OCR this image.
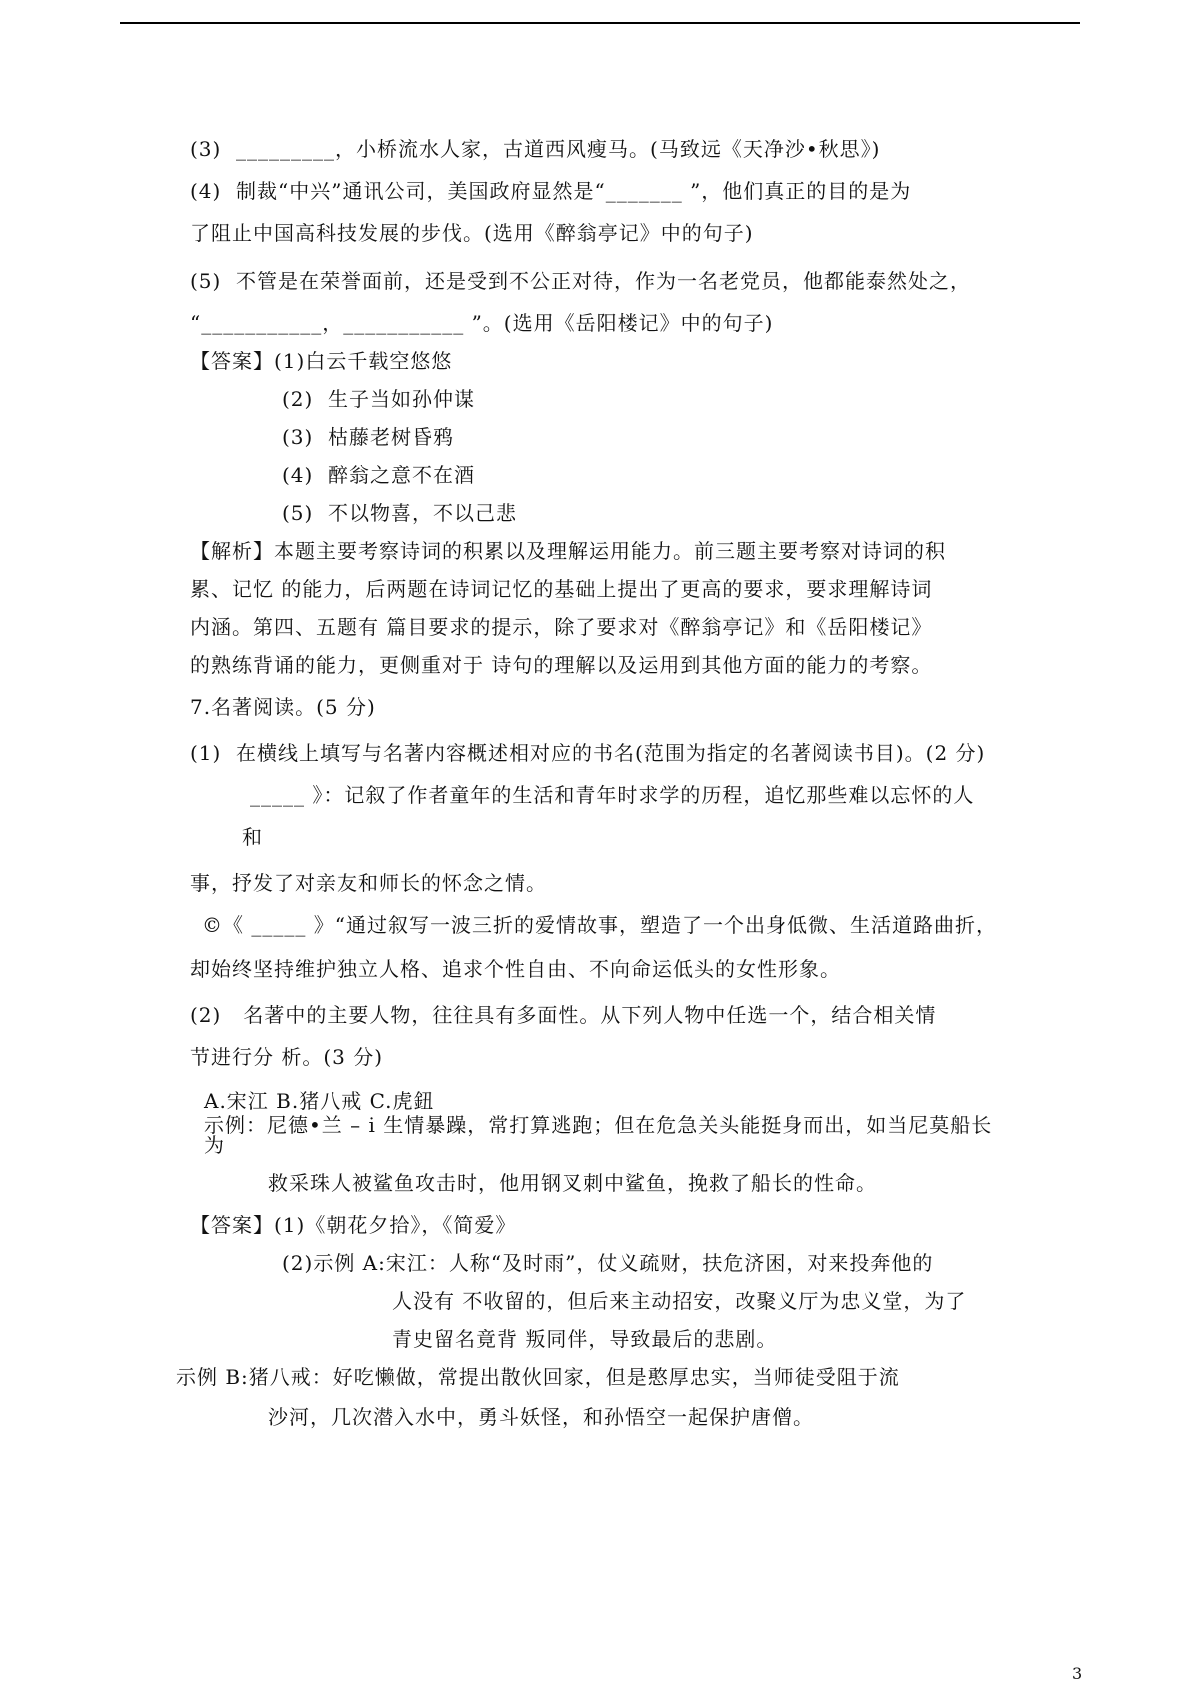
(3)  _________，小桥流水人家，古道西风瘦马。(马致远《天净沙•秋思》)
(4)  制裁“中兴”通讯公司，美国政府显然是“_______ ”，他们真正的目的是为
了阻止中国高科技发展的步伐。(选用《醉翁亭记》中的句子)
(5)  不管是在荣誉面前，还是受到不公正对待，作为一名老党员，他都能泰然处之，
“___________，___________ ”。(选用《岳阳楼记》中的句子)
【答案】(1)白云千载空悠悠
(2)  生子当如孙仲谋
(3)  枯藤老树昏鸦
(4)  醉翁之意不在酒
(5)  不以物喜，不以己悲
【解析】本题主要考察诗词的积累以及理解运用能力。前三题主要考察对诗词的积
累、记忆 的能力，后两题在诗词记忆的基础上提出了更高的要求，要求理解诗词
内涵。第四、五题有 篇目要求的提示，除了要求对《醉翁亭记》和《岳阳楼记》
的熟练背诵的能力，更侧重对于 诗句的理解以及运用到其他方面的能力的考察。
7.名著阅读。(5 分)
(1)  在横线上填写与名著内容概述相对应的书名(范围为指定的名著阅读书目)。(2 分)
_____ 》：记叙了作者童年的生活和青年时求学的历程，追忆那些难以忘怀的人
和
事，抒发了对亲友和师长的怀念之情。
©《 _____ 》“通过叙写一波三折的爱情故事，塑造了一个出身低微、生活道路曲折，
却始终坚持维护独立人格、追求个性自由、不向命运低头的女性形象。
(2)   名著中的主要人物，往往具有多面性。从下列人物中任选一个，结合相关情
节进行分 析。(3 分)
A.宋江 B.猪八戒 C.虎鈕
示例：尼德•兰 – i 生情暴躁，常打算逃跑；但在危急关头能挺身而出，如当尼莫船长
为
救采珠人被鲨鱼攻击时，他用钢叉刺中鲨鱼，挽救了船长的性命。
【答案】(1)《朝花夕拾》，《简爱》
(2)示例 A:宋江：人称“及时雨”，仗义疏财，扶危济困，对来投奔他的
人没有 不收留的，但后来主动招安，改聚义厅为忠义堂，为了
青史留名竟背 叛同伴，导致最后的悲剧。
示例 B:猪八戒：好吃懒做，常提出散伙回家，但是憨厚忠实，当师徒受阻于流
沙河，几次潜入水中，勇斗妖怪，和孙悟空一起保护唐僧。
3
